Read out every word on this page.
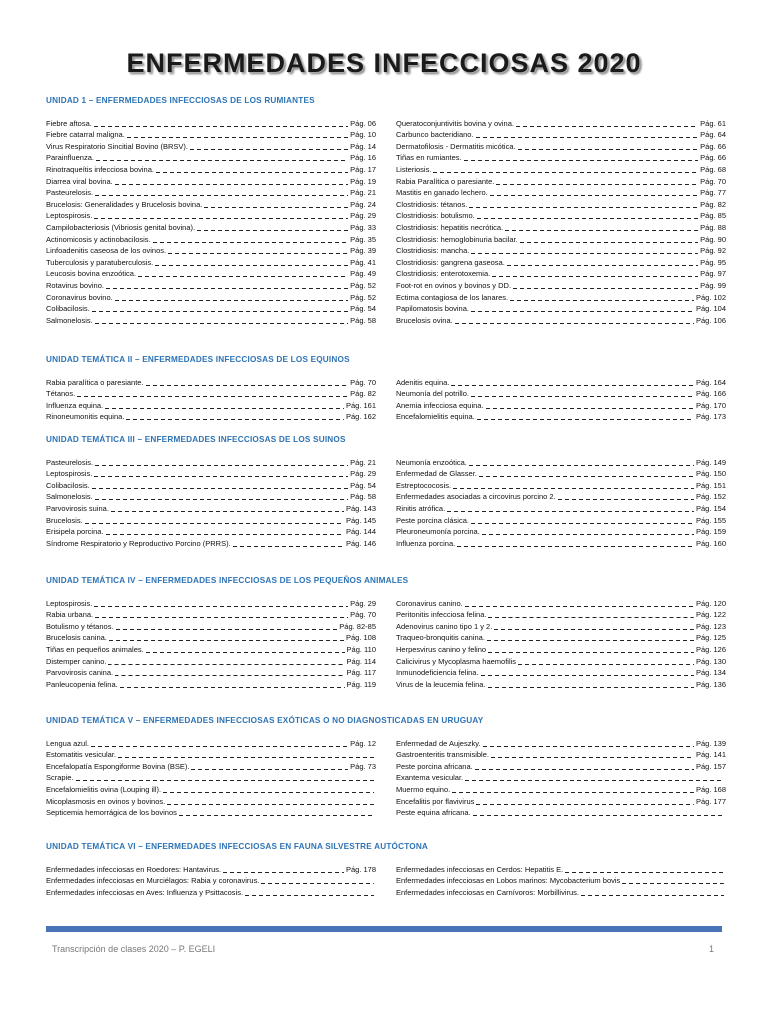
ENFERMEDADES INFECCIOSAS 2020
UNIDAD 1 – ENFERMEDADES INFECCIOSAS DE LOS RUMIANTES
Fiebre aftosa.	Pág. 06
Fiebre catarral maligna.	Pág. 10
Virus Respiratorio Sincitial Bovino (BRSV).	Pág. 14
Parainfluenza.	Pág. 16
Rinotraqueítis infecciosa bovina.	Pág. 17
Diarrea viral bovina.	Pág. 19
Pasteurelosis.	Pág. 21
Brucelosis: Generalidades y Brucelosis bovina.	Pág. 24
Leptospirosis.	Pág. 29
Campilobacteriosis (Vibriosis genital bovina).	Pág. 33
Actinomicosis y actinobacilosis.	Pág. 35
Linfoadenitis caseosa de los ovinos.	Pág. 39
Tuberculosis y paratuberculosis.	Pág. 41
Leucosis bovina enzoótica.	Pág. 49
Rotavirus bovino.	Pág. 52
Coronavirus bovino.	Pág. 52
Colibacilosis.	Pág. 54
Salmonelosis.	Pág. 58
Queratoconjuntivitis bovina y ovina.	Pág. 61
Carbunco bacteridiano.	Pág. 64
Dermatofilosis - Dermatitis micótica.	Pág. 66
Tiñas en rumiantes.	Pág. 66
Listeriosis.	Pág. 68
Rabia Paralítica o paresiante.	Pág. 70
Mastitis en ganado lechero.	Pág. 77
Clostridiosis: tétanos.	Pág. 82
Clostridiosis: botulismo.	Pág. 85
Clostridiosis: hepatitis necrótica.	Pág. 88
Clostridiosis: hemoglobinuria bacilar.	Pág. 90
Clostridiosis: mancha.	Pág. 92
Clostridiosis: gangrena gaseosa.	Pág. 95
Clostridiosis: enterotoxemia.	Pág. 97
Foot-rot en ovinos y bovinos y DD.	Pág. 99
Ectima contagiosa de los lanares.	Pág. 102
Papilomatosis bovina.	Pág. 104
Brucelosis ovina.	Pág. 106
UNIDAD TEMÁTICA II – ENFERMEDADES INFECCIOSAS DE LOS EQUINOS
Rabia paralítica o paresiante.	Pág. 70
Tétanos.	Pág. 82
Influenza equina.	Pág. 161
Rinoneumonitis equina.	Pág. 162
Adenitis equina.	Pág. 164
Neumonía del potrillo.	Pág. 166
Anemia infecciosa equina.	Pág. 170
Encefalomielitis equina.	Pág. 173
UNIDAD TEMÁTICA III – ENFERMEDADES INFECCIOSAS DE LOS SUINOS
Pasteurelosis.	Pág. 21
Leptospirosis.	Pág. 29
Colibacilosis.	Pág. 54
Salmonelosis.	Pág. 58
Parvovirosis suina.	Pág. 143
Brucelosis.	Pág. 145
Erisipela porcina.	Pág. 144
Síndrome Respiratorio y Reproductivo Porcino (PRRS).	Pág. 146
Neumonía enzoótica.	Pág. 149
Enfermedad de Glasser.	Pág. 150
Estreptococosis.	Pág. 151
Enfermedades asociadas a circovirus porcino 2.	Pág. 152
Rinitis atrófica.	Pág. 154
Peste porcina clásica.	Pág. 155
Pleuroneumonía porcina.	Pág. 159
Influenza porcina.	Pág. 160
UNIDAD TEMÁTICA IV – ENFERMEDADES INFECCIOSAS DE LOS PEQUEÑOS ANIMALES
Leptospirosis.	Pág. 29
Rabia urbana.	Pág. 70
Botulismo y tétanos.	Pág. 82-85
Brucelosis canina.	Pág. 108
Tiñas en pequeños animales.	Pág. 110
Distemper canino.	Pág. 114
Parvovirosis canina.	Pág. 117
Panleucopenia felina.	Pág. 119
Coronavirus canino.	Pág. 120
Peritonitis infecciosa felina.	Pág. 122
Adenovirus canino tipo 1 y 2.	Pág. 123
Traqueo-bronquitis canina.	Pág. 125
Herpesvirus canino y felino	Pág. 126
Calicivirus y Mycoplasma haemofilis	Pág. 130
Inmunodeficiencia felina.	Pág. 134
Virus de la leucemia felina.	Pág. 136
UNIDAD TEMÁTICA V – ENFERMEDADES INFECCIOSAS EXÓTICAS O NO DIAGNOSTICADAS EN URUGUAY
Lengua azul.	Pág. 12
Estomatitis vesicular.
Encefalopatía Espongiforme Bovina (BSE).	Pág. 73
Scrapie.
Encefalomielitis ovina (Louping ill).
Micoplasmosis en ovinos y bovinos.
Septicemia hemorrágica de los bovinos
Enfermedad de Aujeszky.	Pág. 139
Gastroenteritis transmisible.	Pág. 141
Peste porcina africana.	Pág. 157
Exantema vesicular.
Muermo equino.	Pág. 168
Encefalitis por flavivirus	Pág. 177
Peste equina africana.
UNIDAD TEMÁTICA VI – ENFERMEDADES INFECCIOSAS EN FAUNA SILVESTRE AUTÓCTONA
Enfermedades infecciosas en Roedores: Hantavirus.	Pág. 178
Enfermedades infecciosas en Murciélagos: Rabia y coronavirus.
Enfermedades infecciosas en Aves: Influenza y Psittacosis.
Enfermedades infecciosas en Cerdos: Hepatitis E.
Enfermedades infecciosas en Lobos marinos: Mycobacterium bovis
Enfermedades infecciosas en Carnívoros: Morbillivirus.
Transcripción de clases 2020 – P. EGELI	1
